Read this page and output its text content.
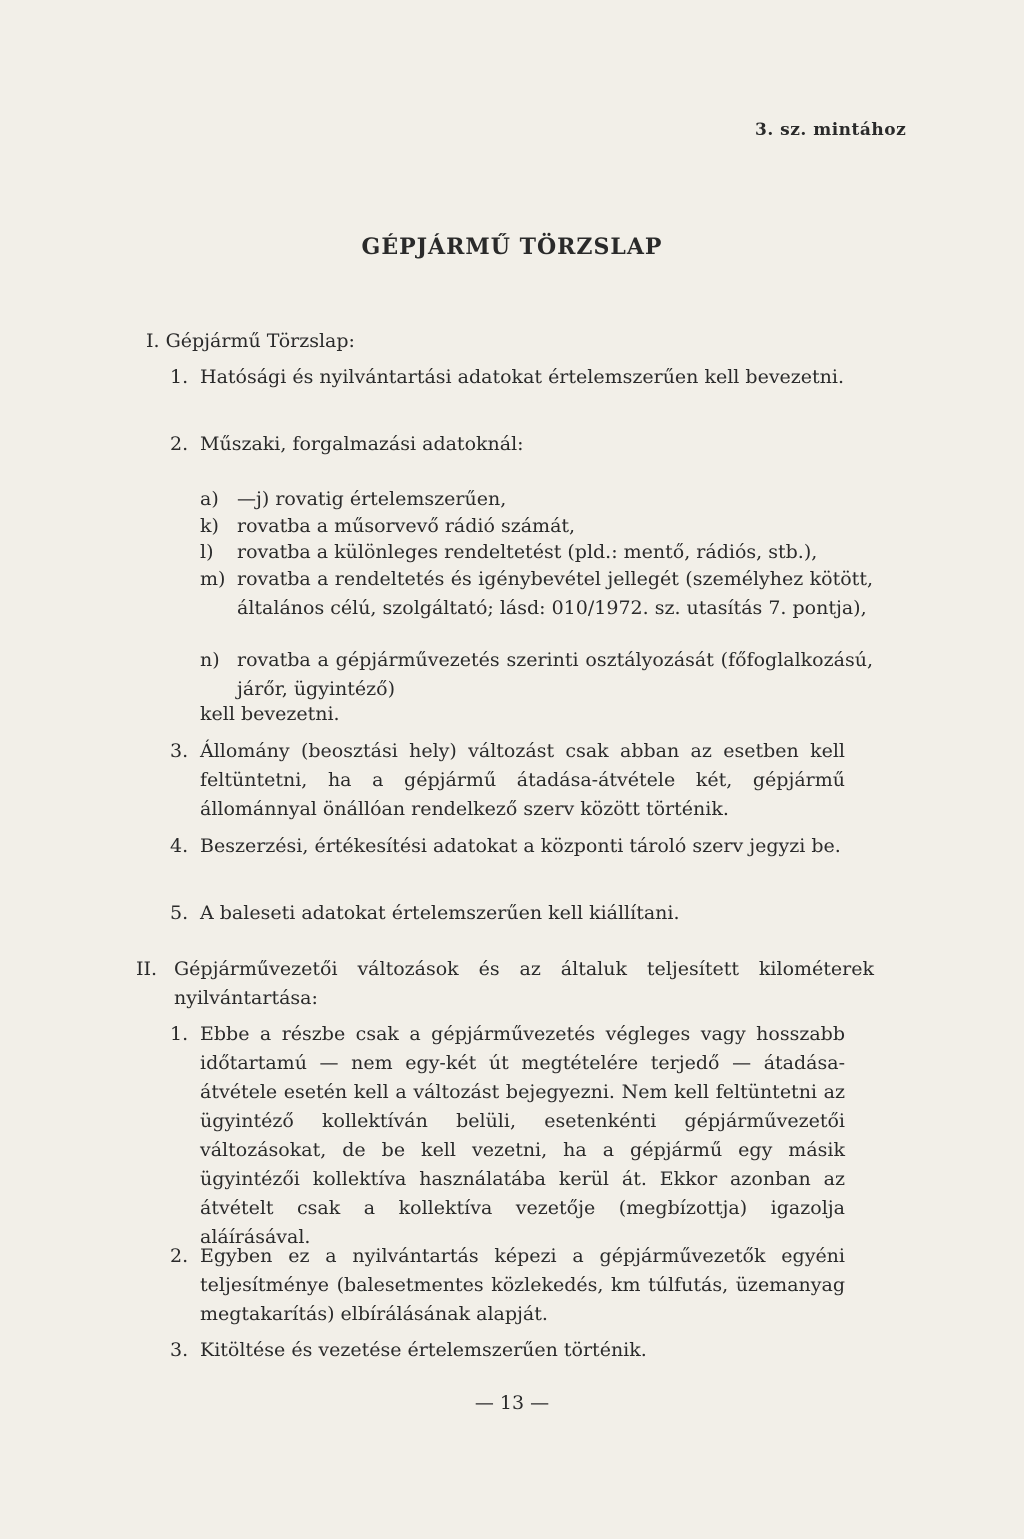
3. sz. mintához
GÉPJÁRMŰ TÖRZSLAP
I. Gépjármű Törzslap:
1. Hatósági és nyilvántartási adatokat értelemszerűen kell bevezetni.
2. Műszaki, forgalmazási adatoknál:
a) —j) rovatig értelemszerűen,
k) rovatba a műsorvevő rádió számát,
l) rovatba a különleges rendeltetést (pld.: mentő, rádiós, stb.),
m) rovatba a rendeltetés és igénybevétel jellegét (személyhez kötött, általános célú, szolgáltató; lásd: 010/1972. sz. utasítás 7. pontja),
n) rovatba a gépjárművezetés szerinti osztályozását (főfoglalkozású, járőr, ügyintéző)
kell bevezetni.
3. Állomány (beosztási hely) változást csak abban az esetben kell feltüntetni, ha a gépjármű átadása-átvétele két, gépjármű állománnyal önállóan rendelkező szerv között történik.
4. Beszerzési, értékesítési adatokat a központi tároló szerv jegyzi be.
5. A baleseti adatokat értelemszerűen kell kiállítani.
II. Gépjárművezetői változások és az általuk teljesített kilométerek nyilvántartása:
1. Ebbe a részbe csak a gépjárművezetés végleges vagy hosszabb időtartamú — nem egy-két út megtételére terjedő — átadása-átvétele esetén kell a változást bejegyezni. Nem kell feltüntetni az ügyintéző kollektíván belüli, esetenkénti gépjárművezetői változásokat, de be kell vezetni, ha a gépjármű egy másik ügyintézői kollektíva használatába kerül át. Ekkor azonban az átvételt csak a kollektíva vezetője (megbízottja) igazolja aláírásával.
2. Egyben ez a nyilvántartás képezi a gépjárművezetők egyéni teljesítménye (balesetmentes közlekedés, km túlfutás, üzemanyag megtakarítás) elbírálásának alapját.
3. Kitöltése és vezetése értelemszerűen történik.
— 13 —
